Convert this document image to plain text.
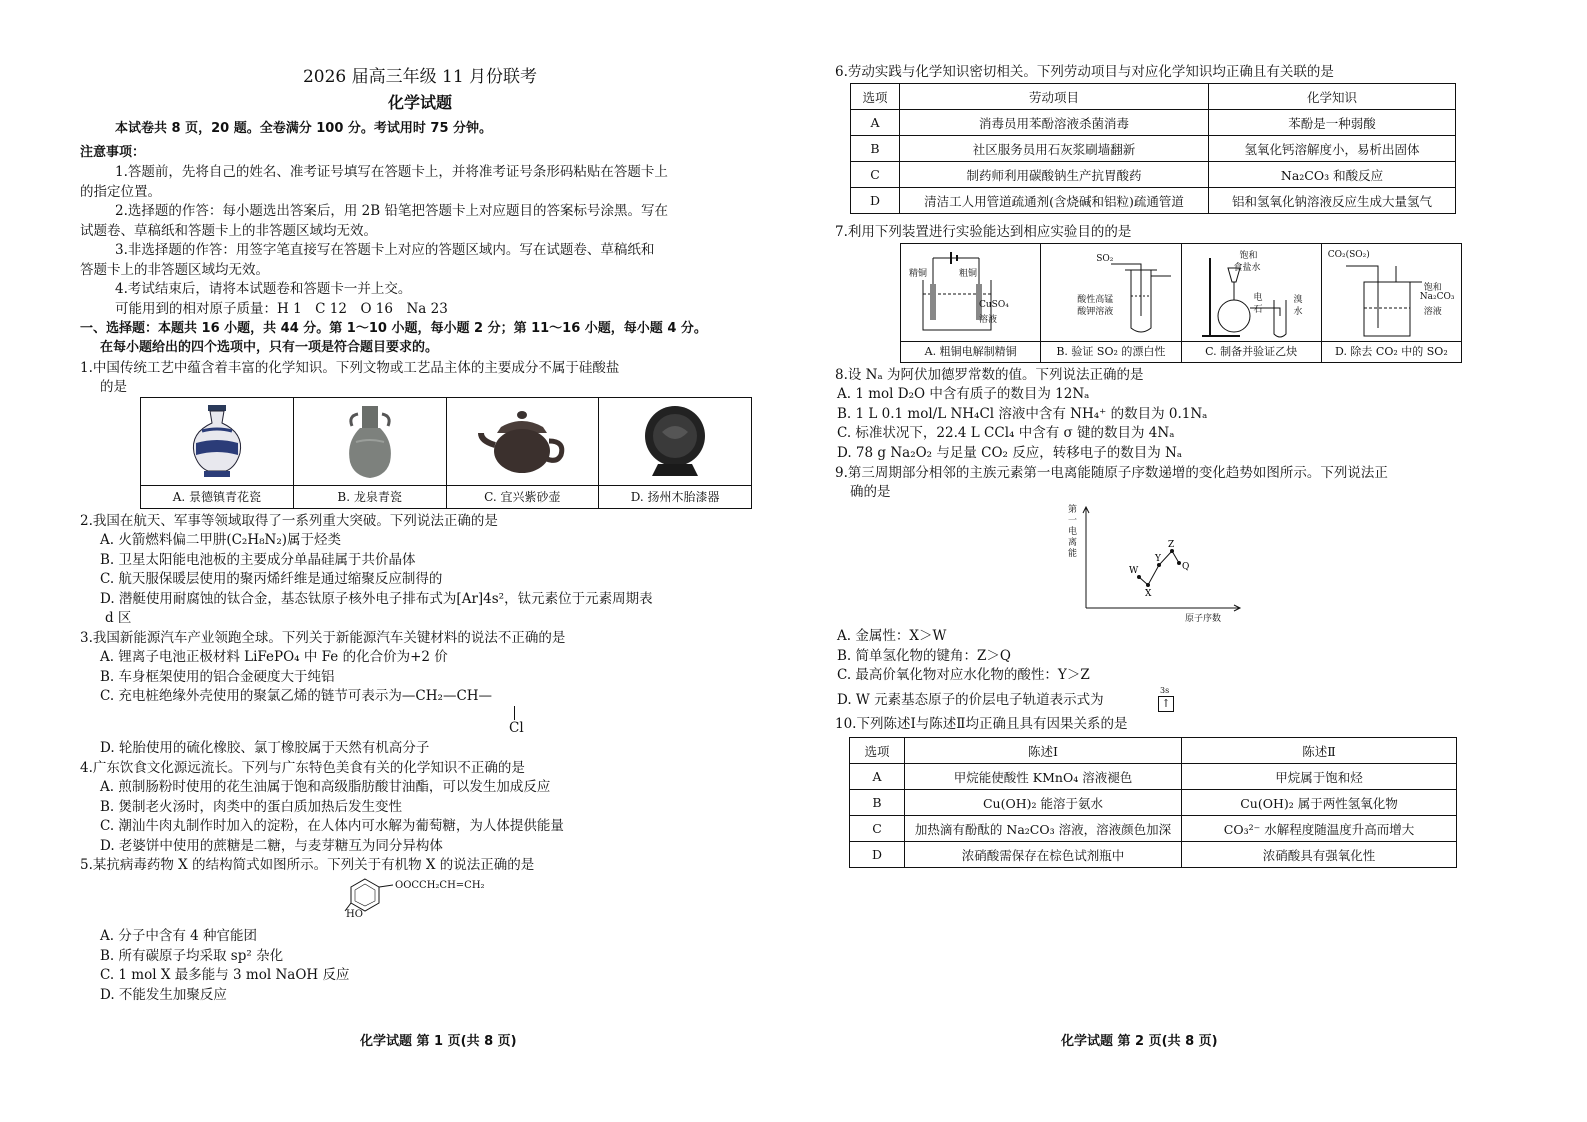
2026 届高三年级 11 月份联考
化学试题
本试卷共 8 页，20 题。全卷满分 100 分。考试用时 75 分钟。
注意事项：
1.答题前，先将自己的姓名、准考证号填写在答题卡上，并将准考证号条形码粘贴在答题卡上
的指定位置。
2.选择题的作答：每小题选出答案后，用 2B 铅笔把答题卡上对应题目的答案标号涂黑。写在
试题卷、草稿纸和答题卡上的非答题区域均无效。
3.非选择题的作答：用签字笔直接写在答题卡上对应的答题区域内。写在试题卷、草稿纸和
答题卡上的非答题区域均无效。
4.考试结束后，请将本试题卷和答题卡一并上交。
可能用到的相对原子质量：H 1　C 12　O 16　Na 23
一、选择题：本题共 16 小题，共 44 分。第 1～10 小题，每小题 2 分；第 11～16 小题，每小题 4 分。
在每小题给出的四个选项中，只有一项是符合题目要求的。
1.中国传统工艺中蕴含着丰富的化学知识。下列文物或工艺品主体的主要成分不属于硅酸盐
的是
A. 景德镇青花瓷	B. 龙泉青瓷	C. 宜兴紫砂壶	D. 扬州木胎漆器
2.我国在航天、军事等领域取得了一系列重大突破。下列说法正确的是
A. 火箭燃料偏二甲肼(C₂H₈N₂)属于烃类
B. 卫星太阳能电池板的主要成分单晶硅属于共价晶体
C. 航天服保暖层使用的聚丙烯纤维是通过缩聚反应制得的
D. 潜艇使用耐腐蚀的钛合金，基态钛原子核外电子排布式为[Ar]4s²，钛元素位于元素周期表
d 区
3.我国新能源汽车产业领跑全球。下列关于新能源汽车关键材料的说法不正确的是
A. 锂离子电池正极材料 LiFePO₄ 中 Fe 的化合价为+2 价
B. 车身框架使用的铝合金硬度大于纯铝
C. 充电桩绝缘外壳使用的聚氯乙烯的链节可表示为—CH₂—CH—
Cl
D. 轮胎使用的硫化橡胶、氯丁橡胶属于天然有机高分子
4.广东饮食文化源远流长。下列与广东特色美食有关的化学知识不正确的是
A. 煎制肠粉时使用的花生油属于饱和高级脂肪酸甘油酯，可以发生加成反应
B. 煲制老火汤时，肉类中的蛋白质加热后发生变性
C. 潮汕牛肉丸制作时加入的淀粉，在人体内可水解为葡萄糖，为人体提供能量
D. 老婆饼中使用的蔗糖是二糖，与麦芽糖互为同分异构体
5.某抗病毒药物 X 的结构简式如图所示。下列关于有机物 X 的说法正确的是
OOCCH₂CH=CH₂
HO
A. 分子中含有 4 种官能团
B. 所有碳原子均采取 sp² 杂化
C. 1 mol X 最多能与 3 mol NaOH 反应
D. 不能发生加聚反应
化学试题 第 1 页(共 8 页)
6.劳动实践与化学知识密切相关。下列劳动项目与对应化学知识均正确且有关联的是
选项	劳动项目	化学知识
A	消毒员用苯酚溶液杀菌消毒	苯酚是一种弱酸
B	社区服务员用石灰浆刷墙翻新	氢氧化钙溶解度小，易析出固体
C	制药师利用碳酸钠生产抗胃酸药	Na₂CO₃ 和酸反应
D	清洁工人用管道疏通剂(含烧碱和铝粒)疏通管道	铝和氢氧化钠溶液反应生成大量氢气
7.利用下列装置进行实验能达到相应实验目的的是
精铜	粗铜
CuSO₄
溶液
A. 粗铜电解制精铜
SO₂
酸性高锰
酸钾溶液
B. 验证 SO₂ 的漂白性
饱和
食盐水
电
石
溴
水
C. 制备并验证乙炔
CO₂(SO₂)
饱和
Na₂CO₃
溶液
D. 除去 CO₂ 中的 SO₂
8.设 Nₐ 为阿伏加德罗常数的值。下列说法正确的是
A. 1 mol D₂O 中含有质子的数目为 12Nₐ
B. 1 L 0.1 mol/L NH₄Cl 溶液中含有 NH₄⁺ 的数目为 0.1Nₐ
C. 标准状况下，22.4 L CCl₄ 中含有 σ 键的数目为 4Nₐ
D. 78 g Na₂O₂ 与足量 CO₂ 反应，转移电子的数目为 Nₐ
9.第三周期部分相邻的主族元素第一电离能随原子序数递增的变化趋势如图所示。下列说法正
确的是
第一电离能
W
X
Y
Z
Q
原子序数
A. 金属性：X＞W
B. 简单氢化物的键角：Z＞Q
C. 最高价氧化物对应水化物的酸性：Y＞Z
D. W 元素基态原子的价层电子轨道表示式为
3s
↑
10.下列陈述Ⅰ与陈述Ⅱ均正确且具有因果关系的是
选项	陈述Ⅰ	陈述Ⅱ
A	甲烷能使酸性 KMnO₄ 溶液褪色	甲烷属于饱和烃
B	Cu(OH)₂ 能溶于氨水	Cu(OH)₂ 属于两性氢氧化物
C	加热滴有酚酞的 Na₂CO₃ 溶液，溶液颜色加深	CO₃²⁻ 水解程度随温度升高而增大
D	浓硝酸需保存在棕色试剂瓶中	浓硝酸具有强氧化性
化学试题 第 2 页(共 8 页)
